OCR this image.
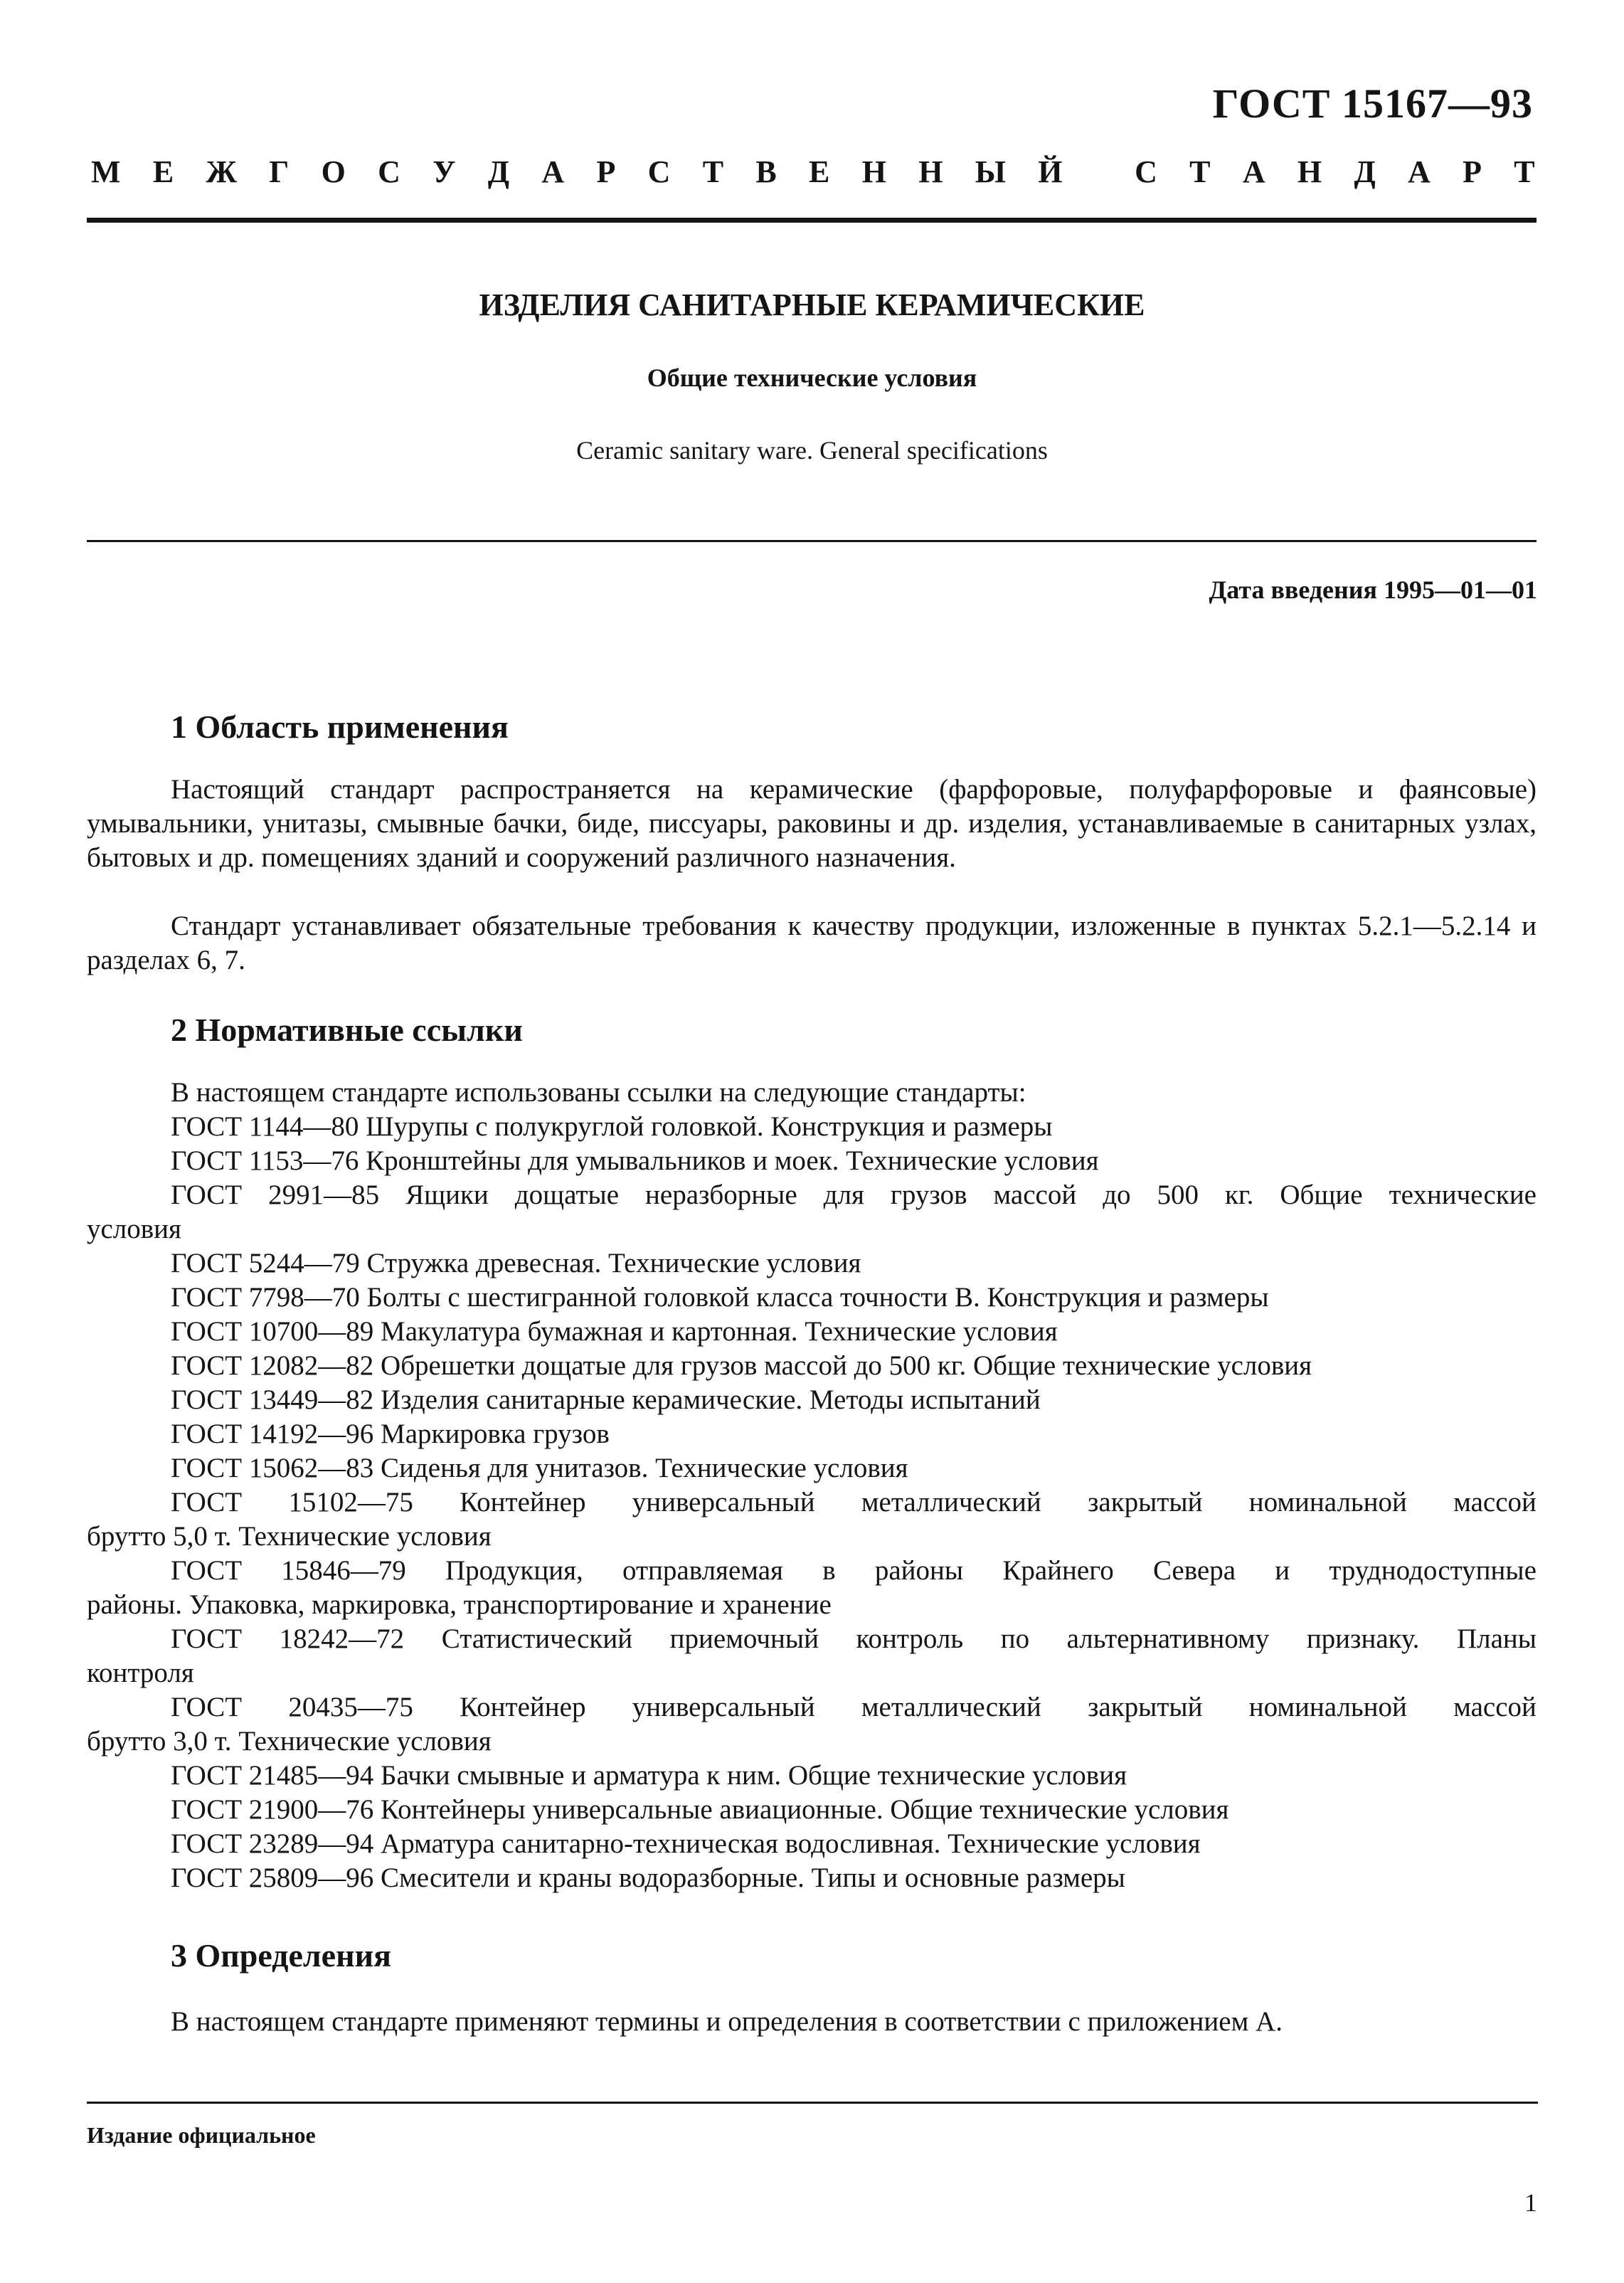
ГОСТ 15167—93
М Е Ж Г О С У Д А Р С Т В Е Н Н Ы Й
С Т А Н Д А Р Т
ИЗДЕЛИЯ САНИТАРНЫЕ КЕРАМИЧЕСКИЕ
Общие технические условия
Ceramic sanitary ware. General specifications
Дата введения 1995—01—01
1 Область применения
Настоящий стандарт распространяется на керамические (фарфоровые, полуфарфоровые и фаянсовые) умывальники, унитазы, смывные бачки, биде, писсуары, раковины и др. изделия, устанавливаемые в санитарных узлах, бытовых и др. помещениях зданий и сооружений различного назначения.
Стандарт устанавливает обязательные требования к качеству продукции, изложенные в пунктах 5.2.1—5.2.14 и разделах 6, 7.
2 Нормативные ссылки
В настоящем стандарте использованы ссылки на следующие стандарты:
ГОСТ 1144—80 Шурупы с полукруглой головкой. Конструкция и размеры
ГОСТ 1153—76 Кронштейны для умывальников и моек. Технические условия
ГОСТ 2991—85 Ящики дощатые неразборные для грузов массой до 500 кг. Общие технические
условия
ГОСТ 5244—79 Стружка древесная. Технические условия
ГОСТ 7798—70 Болты с шестигранной головкой класса точности В. Конструкция и размеры
ГОСТ 10700—89 Макулатура бумажная и картонная. Технические условия
ГОСТ 12082—82 Обрешетки дощатые для грузов массой до 500 кг. Общие технические условия
ГОСТ 13449—82 Изделия санитарные керамические. Методы испытаний
ГОСТ 14192—96 Маркировка грузов
ГОСТ 15062—83 Сиденья для унитазов. Технические условия
ГОСТ 15102—75 Контейнер универсальный металлический закрытый номинальной массой
брутто 5,0 т. Технические условия
ГОСТ 15846—79 Продукция, отправляемая в районы Крайнего Севера и труднодоступные
районы. Упаковка, маркировка, транспортирование и хранение
ГОСТ 18242—72 Статистический приемочный контроль по альтернативному признаку. Планы
контроля
ГОСТ 20435—75 Контейнер универсальный металлический закрытый номинальной массой
брутто 3,0 т. Технические условия
ГОСТ 21485—94 Бачки смывные и арматура к ним. Общие технические условия
ГОСТ 21900—76 Контейнеры универсальные авиационные. Общие технические условия
ГОСТ 23289—94 Арматура санитарно-техническая водосливная. Технические условия
ГОСТ 25809—96 Смесители и краны водоразборные. Типы и основные размеры
3 Определения
В настоящем стандарте применяют термины и определения в соответствии с приложением А.
Издание официальное
1
